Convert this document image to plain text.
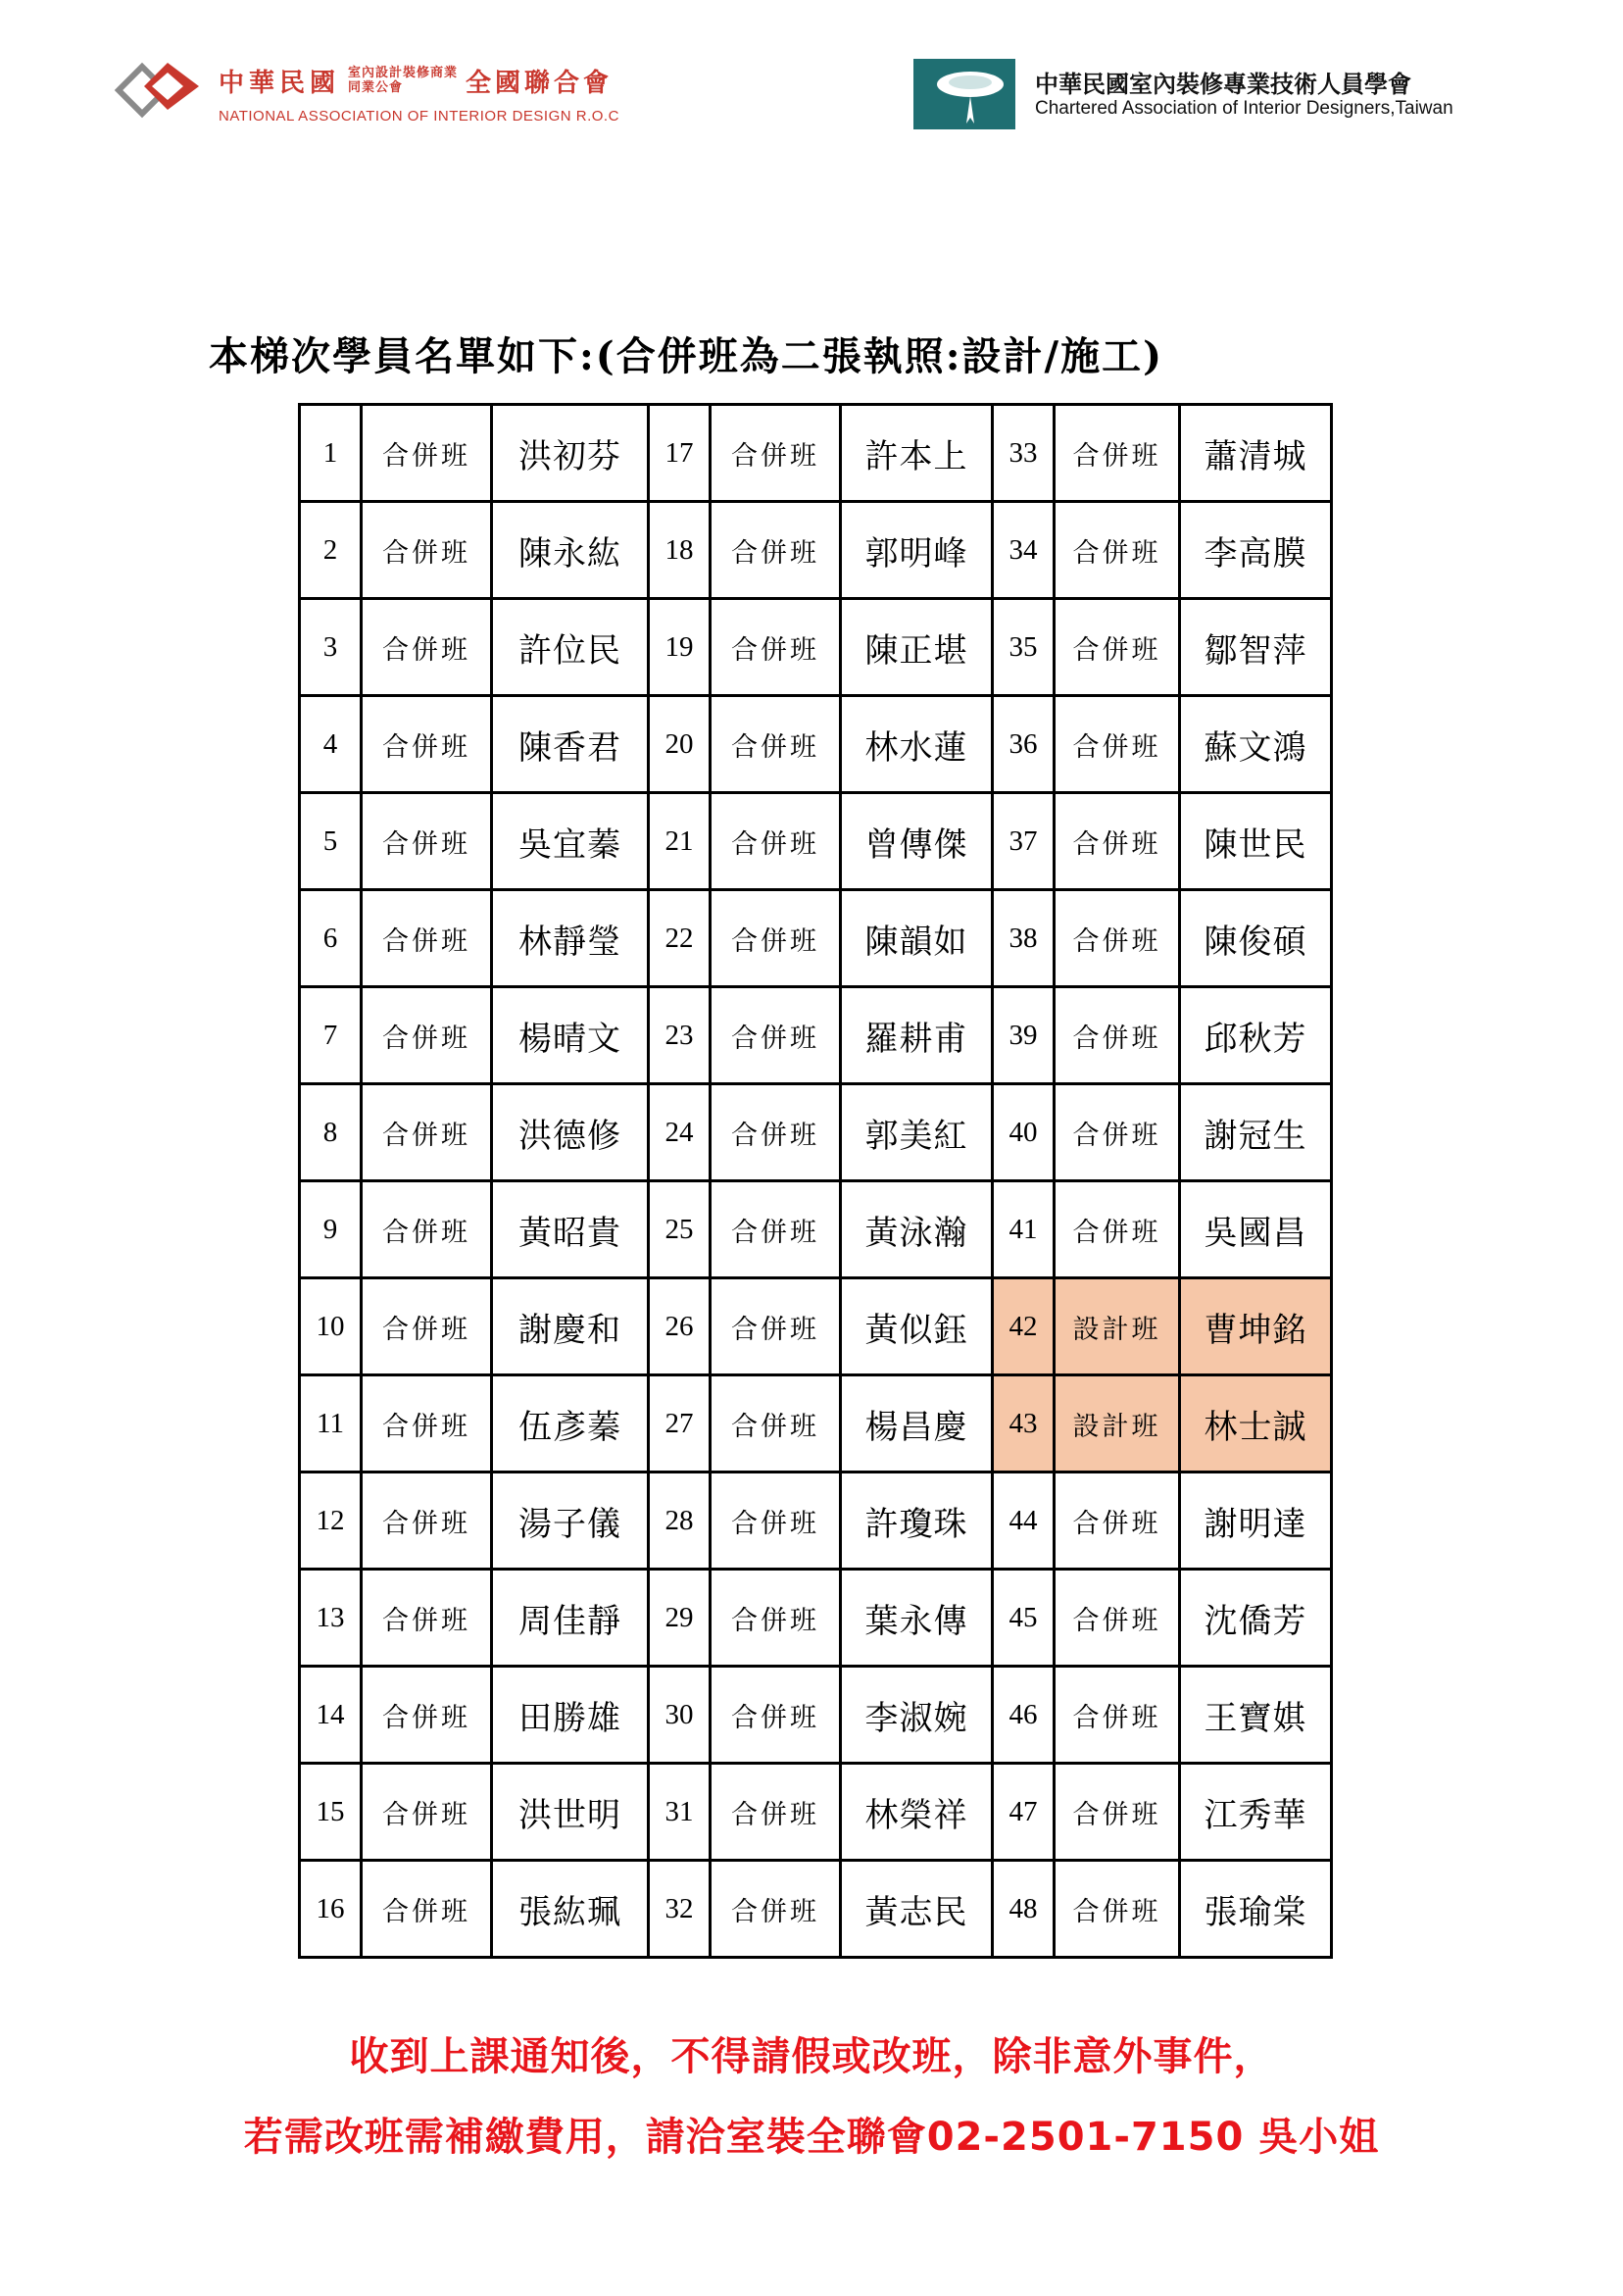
中華民國 室內設計裝修商業同業公會	全國聯合會
NATIONAL ASSOCIATION OF INTERIOR DESIGN R.O.C
中華民國室內裝修專業技術人員學會
Chartered Association of Interior Designers,Taiwan
本梯次學員名單如下:(合併班為二張執照:設計/施工)
1	合併班	洪初芬	17	合併班	許本上	33	合併班	蕭清城
2	合併班	陳永紘	18	合併班	郭明峰	34	合併班	李高膜
3	合併班	許位民	19	合併班	陳正堪	35	合併班	鄒智萍
4	合併班	陳香君	20	合併班	林水蓮	36	合併班	蘇文鴻
5	合併班	吳宜蓁	21	合併班	曾傳傑	37	合併班	陳世民
6	合併班	林靜瑩	22	合併班	陳韻如	38	合併班	陳俊碩
7	合併班	楊晴文	23	合併班	羅耕甫	39	合併班	邱秋芳
8	合併班	洪德修	24	合併班	郭美紅	40	合併班	謝冠生
9	合併班	黃昭貴	25	合併班	黃泳瀚	41	合併班	吳國昌
10	合併班	謝慶和	26	合併班	黃似鈺	42	設計班	曹坤銘
11	合併班	伍彥蓁	27	合併班	楊昌慶	43	設計班	林士誠
12	合併班	湯子儀	28	合併班	許瓊珠	44	合併班	謝明達
13	合併班	周佳靜	29	合併班	葉永傳	45	合併班	沈僑芳
14	合併班	田勝雄	30	合併班	李淑婉	46	合併班	王寶娸
15	合併班	洪世明	31	合併班	林榮祥	47	合併班	江秀華
16	合併班	張紘珮	32	合併班	黃志民	48	合併班	張瑜棠
收到上課通知後，不得請假或改班，除非意外事件，
若需改班需補繳費用，請洽室裝全聯會02-2501-7150 吳小姐
